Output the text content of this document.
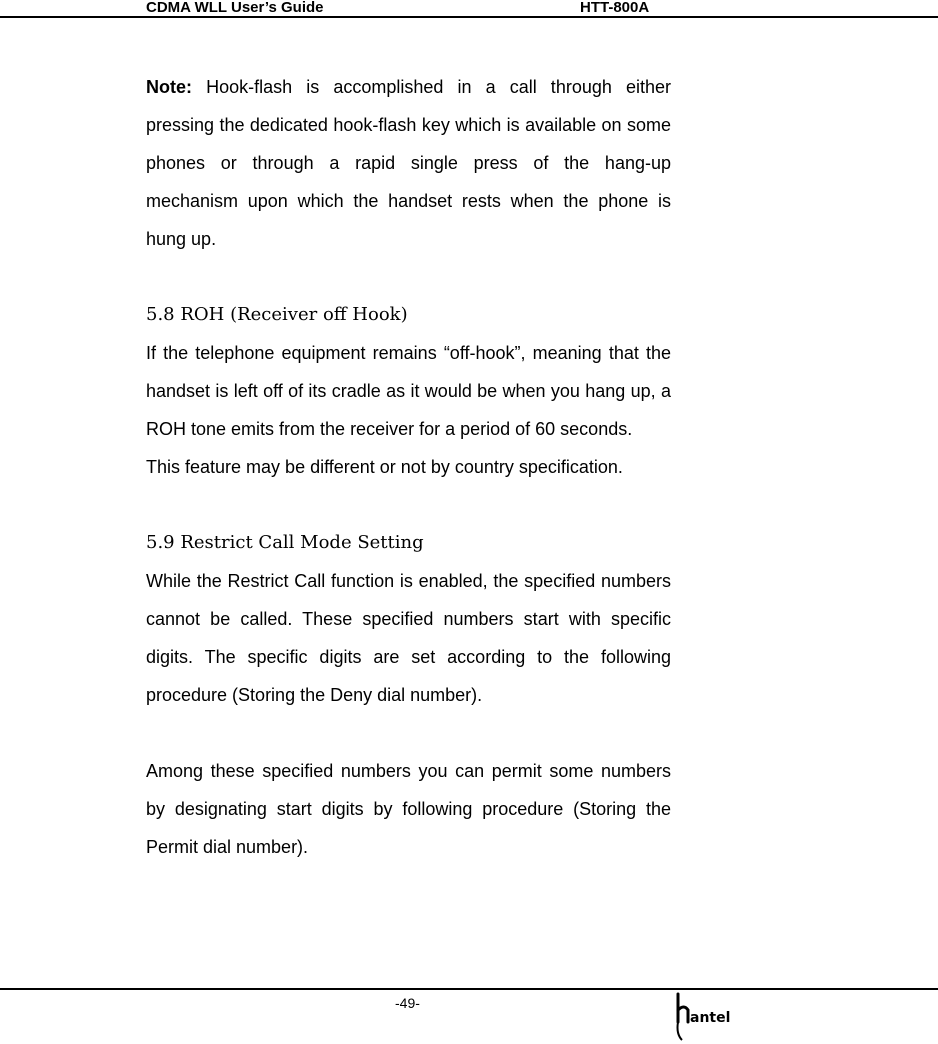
CDMA WLL User’s Guide	HTT-800A

Note: Hook-flash is accomplished in a call through either pressing the dedicated hook-flash key which is available on some phones or through a rapid single press of the hang-up mechanism upon which the handset rests when the phone is hung up.

5.8 ROH (Receiver off Hook)

If the telephone equipment remains “off-hook”, meaning that the handset is left off of its cradle as it would be when you hang up, a ROH tone emits from the receiver for a period of 60 seconds.

This feature may be different or not by country specification.

5.9 Restrict Call Mode Setting

While the Restrict Call function is enabled, the specified numbers cannot be called. These specified numbers start with specific digits. The specific digits are set according to the following procedure (Storing the Deny dial number).

Among these specified numbers you can permit some numbers by designating start digits by following procedure (Storing the Permit dial number).

-49-
antel
